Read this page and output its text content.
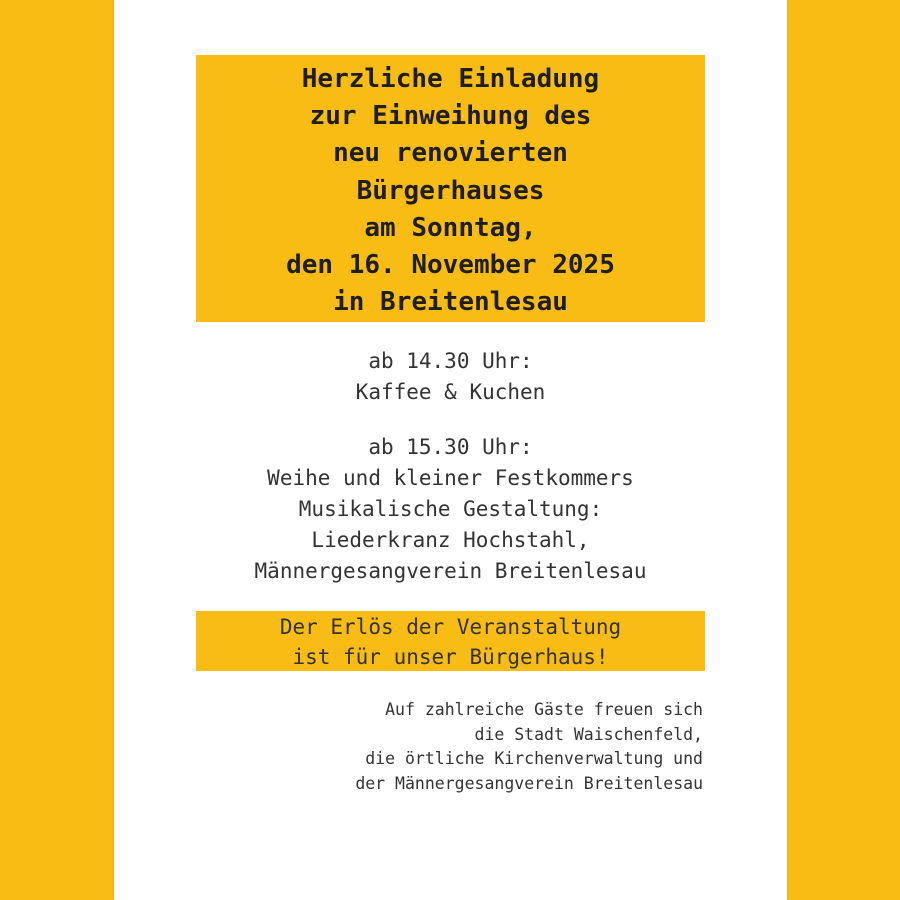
Herzliche Einladung
zur Einweihung des
neu renovierten
Bürgerhauses
am Sonntag,
den 16. November 2025
in Breitenlesau
ab 14.30 Uhr:
Kaffee & Kuchen
ab 15.30 Uhr:
Weihe und kleiner Festkommers
Musikalische Gestaltung:
Liederkranz Hochstahl,
Männergesangverein Breitenlesau
Der Erlös der Veranstaltung
ist für unser Bürgerhaus!
Auf zahlreiche Gäste freuen sich
die Stadt Waischenfeld,
die örtliche Kirchenverwaltung und
der Männergesangverein Breitenlesau
